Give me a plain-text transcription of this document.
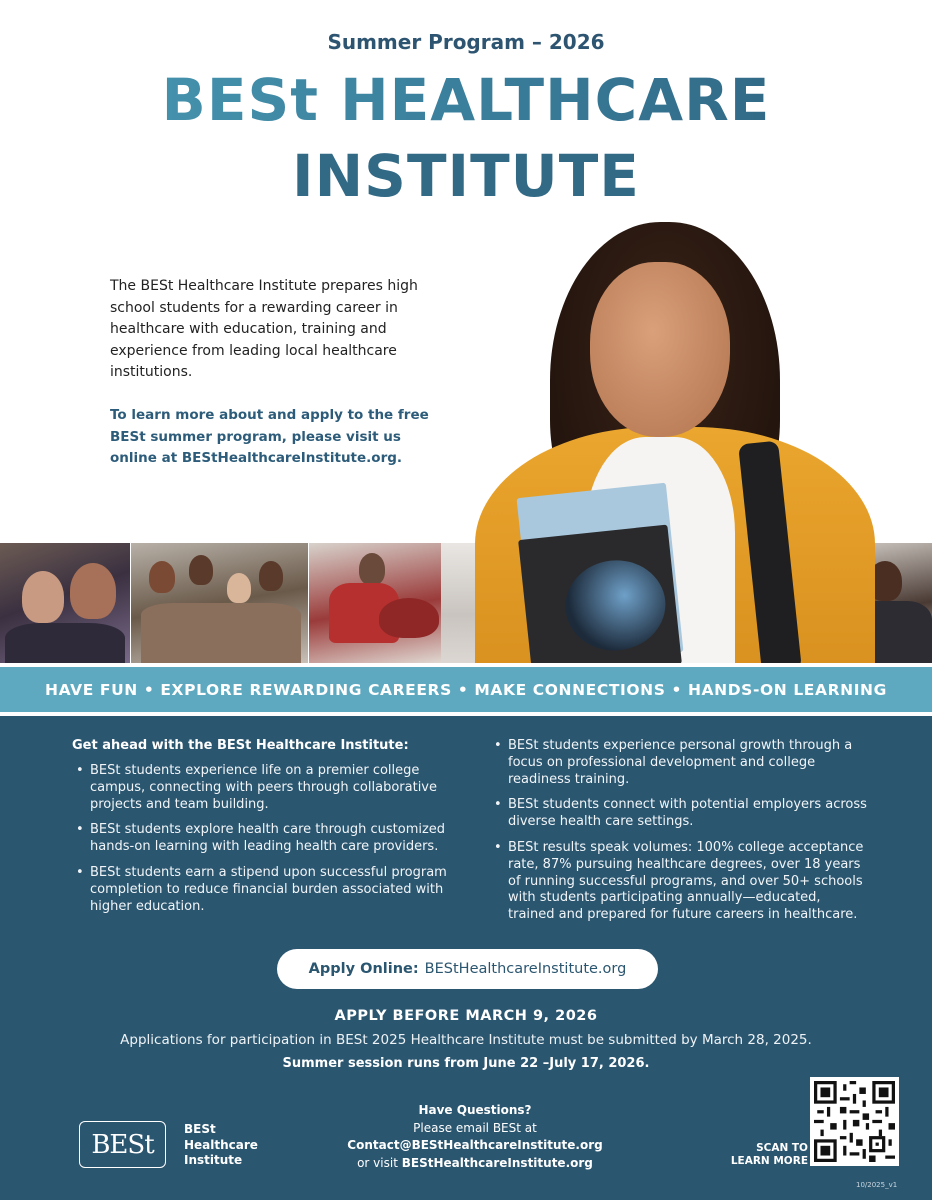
Summer Program – 2026
BESt HEALTHCARE
INSTITUTE

The BESt Healthcare Institute prepares high school students for a rewarding career in healthcare with education, training and experience from leading local healthcare institutions.

To learn more about and apply to the free BESt summer program, please visit us online at BEStHealthcareInstitute.org.

HAVE FUN • EXPLORE REWARDING CAREERS • MAKE CONNECTIONS • HANDS-ON LEARNING
Get ahead with the BESt Healthcare Institute:
• BESt students experience life on a premier college campus, connecting with peers through collaborative projects and team building.
• BESt students explore health care through customized hands-on learning with leading health care providers.
• BESt students earn a stipend upon successful program completion to reduce financial burden associated with higher education.
• BESt students experience personal growth through a focus on professional development and college readiness training.
• BESt students connect with potential employers across diverse health care settings.
• BESt results speak volumes: 100% college acceptance rate, 87% pursuing healthcare degrees, over 18 years of running successful programs, and over 50+ schools with students participating annually—educated, trained and prepared for future careers in healthcare.
Apply Online: BEStHealthcareInstitute.org
APPLY BEFORE MARCH 9, 2026
Applications for participation in BESt 2025 Healthcare Institute must be submitted by March 28, 2025.
Summer session runs from June 22 –July 17, 2026.
BESt
BESt
Healthcare
Institute
Have Questions?
Please email BESt at
Contact@BEStHealthcareInstitute.org
or visit BEStHealthcareInstitute.org
SCAN TO
LEARN MORE
10/2025_v1
